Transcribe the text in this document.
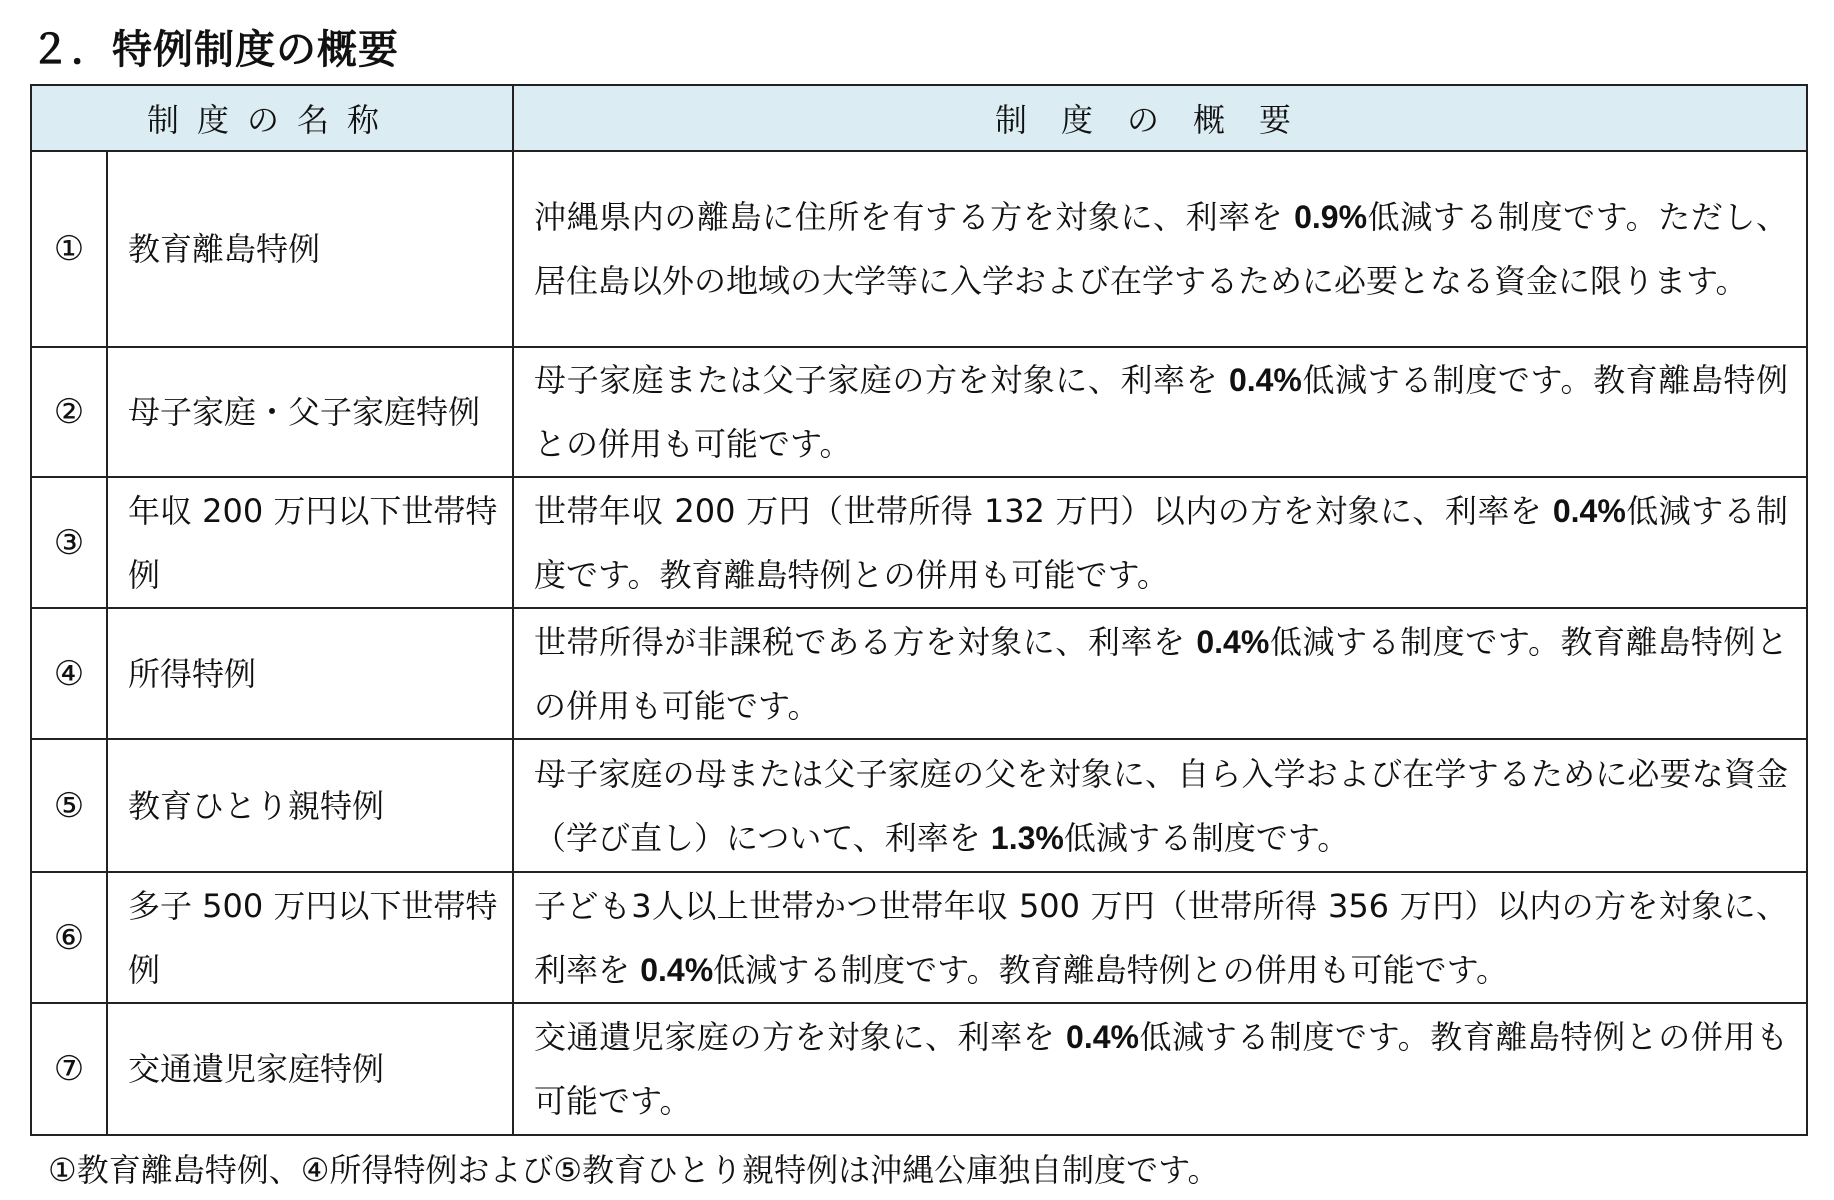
２．特例制度の概要
制度の名称		制度の概要
①	教育離島特例	沖縄県内の離島に住所を有する方を対象に、利率を 0.9%低減する制度です。ただし、居住島以外の地域の大学等に入学および在学するために必要となる資金に限ります。
②	母子家庭・父子家庭特例	母子家庭または父子家庭の方を対象に、利率を 0.4%低減する制度です。教育離島特例との併用も可能です。
③	年収 200 万円以下世帯特例	世帯年収 200 万円（世帯所得 132 万円）以内の方を対象に、利率を 0.4%低減する制度です。教育離島特例との併用も可能です。
④	所得特例	世帯所得が非課税である方を対象に、利率を 0.4%低減する制度です。教育離島特例との併用も可能です。
⑤	教育ひとり親特例	母子家庭の母または父子家庭の父を対象に、自ら入学および在学するために必要な資金（学び直し）について、利率を 1.3%低減する制度です。
⑥	多子 500 万円以下世帯特例	子ども3人以上世帯かつ世帯年収 500 万円（世帯所得 356 万円）以内の方を対象に、利率を 0.4%低減する制度です。教育離島特例との併用も可能です。
⑦	交通遺児家庭特例	交通遺児家庭の方を対象に、利率を 0.4%低減する制度です。教育離島特例との併用も可能です。
①教育離島特例、④所得特例および⑤教育ひとり親特例は沖縄公庫独自制度です。
